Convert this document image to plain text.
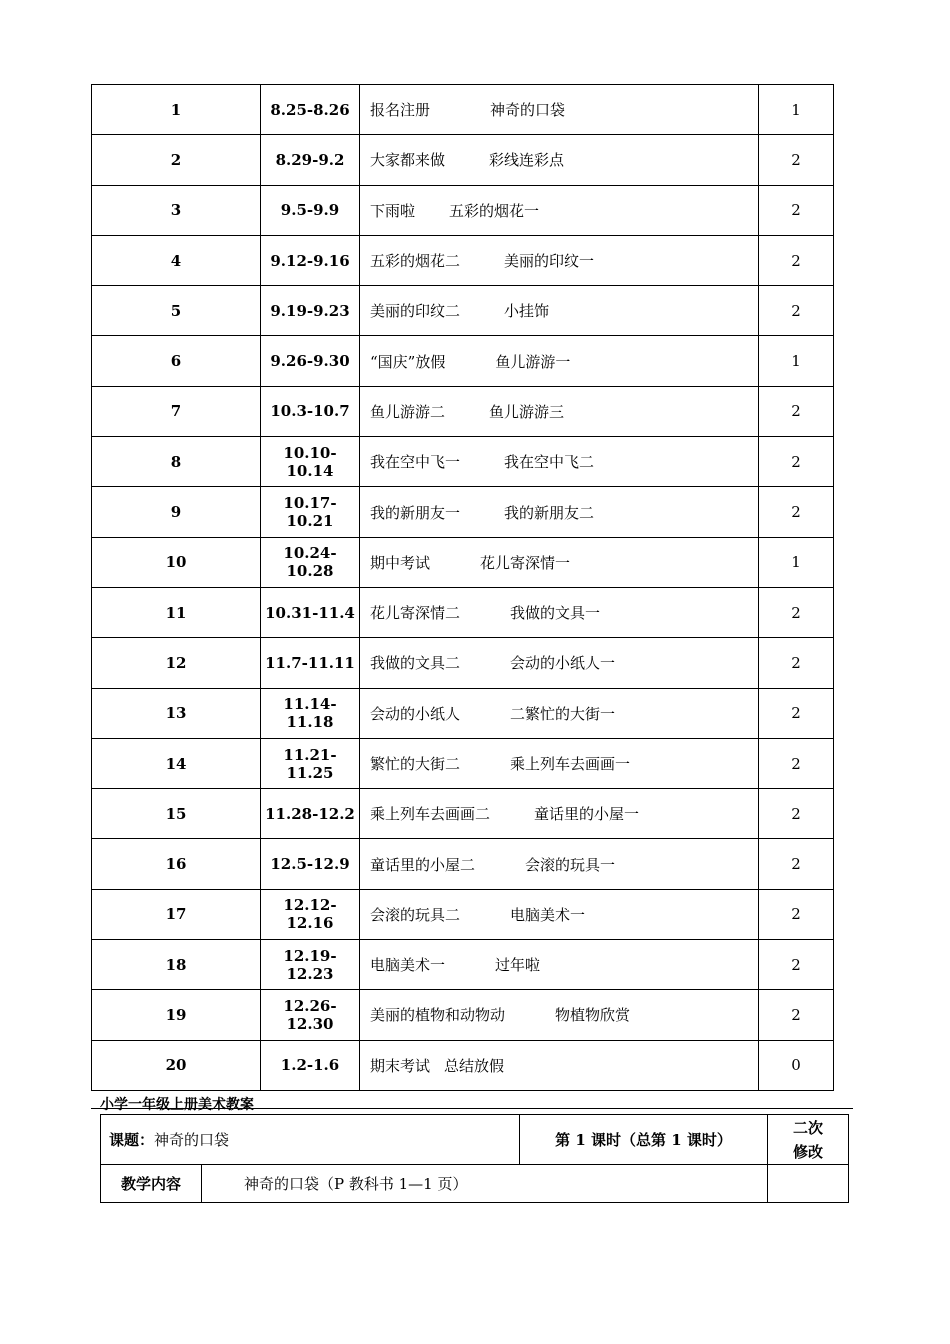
1	8.25-8.26	报名注册 神奇的口袋	1
2	8.29-9.2	大家都来做 彩线连彩点	2
3	9.5-9.9	下雨啦 五彩的烟花一	2
4	9.12-9.16	五彩的烟花二 美丽的印纹一	2
5	9.19-9.23	美丽的印纹二 小挂饰	2
6	9.26-9.30	“国庆”放假 鱼儿游游一	1
7	10.3-10.7	鱼儿游游二 鱼儿游游三	2
8	10.10-10.14	我在空中飞一 我在空中飞二	2
9	10.17-10.21	我的新朋友一 我的新朋友二	2
10	10.24-10.28	期中考试 花儿寄深情一	1
11	10.31-11.4	花儿寄深情二 我做的文具一	2
12	11.7-11.11	我做的文具二 会动的小纸人一	2
13	11.14-11.18	会动的小纸人 二繁忙的大街一	2
14	11.21-11.25	繁忙的大街二 乘上列车去画画一	2
15	11.28-12.2	乘上列车去画画二 童话里的小屋一	2
16	12.5-12.9	童话里的小屋二 会滚的玩具一	2
17	12.12-12.16	会滚的玩具二 电脑美术一	2
18	12.19-12.23	电脑美术一 过年啦	2
19	12.26-12.30	美丽的植物和动物动 物植物欣赏	2
20	1.2-1.6	期末考试 总结放假	0
小学一年级上册美术教案
课题：神奇的口袋		第 1 课时（总第 1 课时）	二次
修改

教学内容	神奇的口袋（P 教科书 1—1 页）		
